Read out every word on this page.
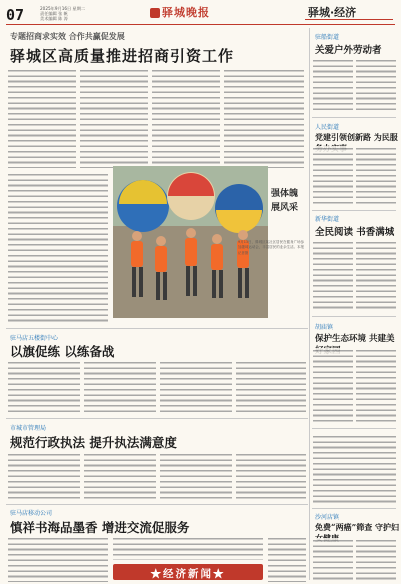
07	2025年9月16日 星期二
责任编辑 张 帆
美术编辑 陈 涛	驿城晚报	驿城·经济
专题招商求实效 合作共赢促发展
驿城区高质量推进招商引资工作
强体魄
展风采
9月13日，驿城区某社区居民在健身广场参加趣味运动会，丰富居民的业余生活。本报记者摄
驻马店五楼街中心
以旗促练 以练备战
市城市管理局
规范行政执法 提升执法满意度
驻马店移动公司
慎祥书海品墨香 增进交流促服务
★经济新闻★
驻船街道
关爱户外劳动者
人民街道
党建引领创新路 为民服
新华街道
全民阅读 书香满城
胡庙镇
保护生态环境 共建美
沙河店镇
免费“两癌”筛查 守护妇
